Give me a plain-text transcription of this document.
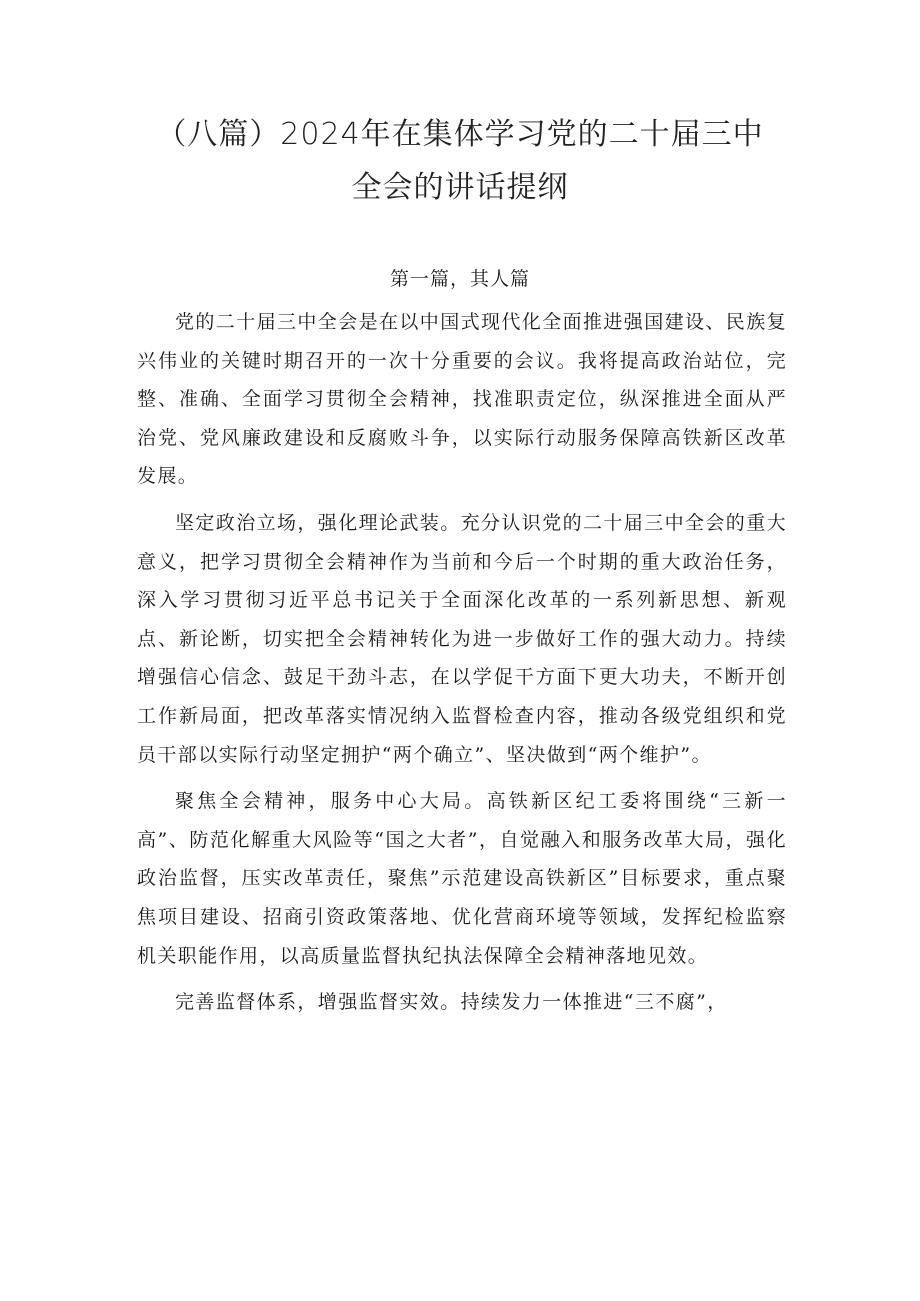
（八篇）2024年在集体学习党的二十届三中
全会的讲话提纲
第一篇，其人篇

党的二十届三中全会是在以中国式现代化全面推进强国建设、民族复兴伟业的关键时期召开的一次十分重要的会议。我将提高政治站位，完整、准确、全面学习贯彻全会精神，找准职责定位，纵深推进全面从严治党、党风廉政建设和反腐败斗争，以实际行动服务保障高铁新区改革发展。

坚定政治立场，强化理论武装。充分认识党的二十届三中全会的重大意义，把学习贯彻全会精神作为当前和今后一个时期的重大政治任务，深入学习贯彻习近平总书记关于全面深化改革的一系列新思想、新观点、新论断，切实把全会精神转化为进一步做好工作的强大动力。持续增强信心信念、鼓足干劲斗志，在以学促干方面下更大功夫，不断开创工作新局面，把改革落实情况纳入监督检查内容，推动各级党组织和党员干部以实际行动坚定拥护“两个确立”、坚决做到“两个维护”。

聚焦全会精神，服务中心大局。高铁新区纪工委将围绕“三新一高”、防范化解重大风险等“国之大者”，自觉融入和服务改革大局，强化政治监督，压实改革责任，聚焦”示范建设高铁新区”目标要求，重点聚焦项目建设、招商引资政策落地、优化营商环境等领域，发挥纪检监察机关职能作用，以高质量监督执纪执法保障全会精神落地见效。

完善监督体系，增强监督实效。持续发力一体推进“三不腐”，
